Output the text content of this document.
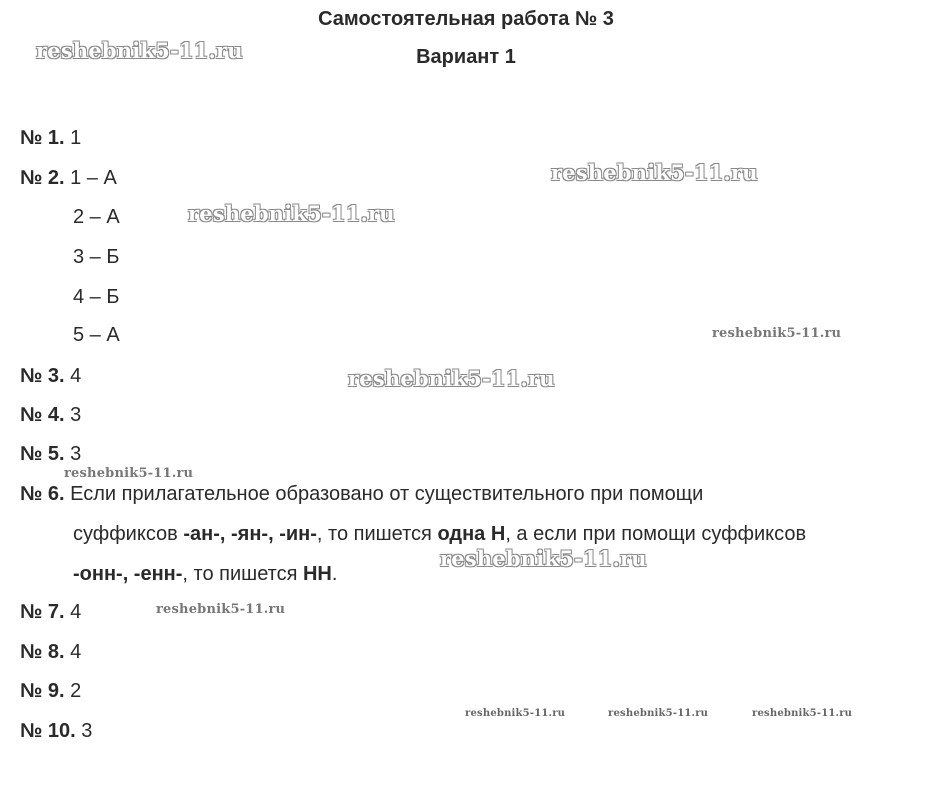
Самостоятельная работа № 3
Вариант 1
№ 1. 1
№ 2. 1 – А
2 – А
3 – Б
4 – Б
5 – А
№ 3. 4
№ 4. 3
№ 5. 3
№ 6. Если прилагательное образовано от существительного при помощи
суффиксов -ан-, -ян-, -ин-, то пишется одна Н, а если при помощи суффиксов
-онн-, -енн-, то пишется НН.
№ 7. 4
№ 8. 4
№ 9. 2
№ 10. 3
reshebnik5-11.ru
reshebnik5-11.ru
reshebnik5-11.ru
reshebnik5-11.ru
reshebnik5-11.ru
reshebnik5-11.ru
reshebnik5-11.ru
reshebnik5-11.ru
reshebnik5-11.ru	reshebnik5-11.ru	reshebnik5-11.ru
